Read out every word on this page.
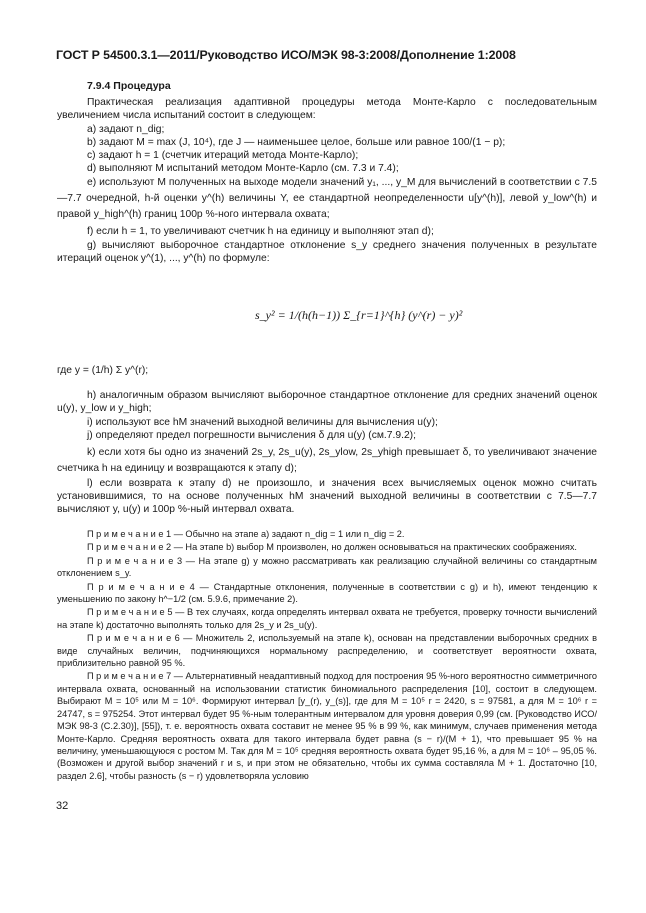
ГОСТ Р 54500.3.1—2011/Руководство ИСО/МЭК 98-3:2008/Дополнение 1:2008
7.9.4 Процедура

Практическая реализация адаптивной процедуры метода Монте-Карло с последовательным увеличением числа испытаний состоит в следующем:

a) задают n_dig;

b) задают M = max (J, 10⁴), где J — наименьшее целое, больше или равное 100/(1 − p);

c) задают h = 1 (счетчик итераций метода Монте-Карло);

d) выполняют M испытаний методом Монте-Карло (см. 7.3 и 7.4);

e) используют M полученных на выходе модели значений y₁, ..., y_M для вычислений в соответствии с 7.5—7.7 очередной, h-й оценки y^(h) величины Y, ее стандартной неопределенности u[y^(h)], левой y_low^(h) и правой y_high^(h) границ 100p %-ного интервала охвата;

f) если h = 1, то увеличивают счетчик h на единицу и выполняют этап d);

g) вычисляют выборочное стандартное отклонение s_y среднего значения полученных в результате итераций оценок y^(1), ..., y^(h) по формуле:

s_y² = 1/(h(h−1)) Σ_{r=1}^{h} (y^(r) − y)²

где y = (1/h) Σ y^(r);

h) аналогичным образом вычисляют выборочное стандартное отклонение для средних значений оценок u(y), y_low и y_high;

i) используют все hM значений выходной величины для вычисления u(y);

j) определяют предел погрешности вычисления δ для u(y) (см.7.9.2);

k) если хотя бы одно из значений 2s_y, 2s_u(y), 2s_ylow, 2s_yhigh превышает δ, то увеличивают значение счетчика h на единицу и возвращаются к этапу d);

l) если возврата к этапу d) не произошло, и значения всех вычисляемых оценок можно считать установившимися, то на основе полученных hM значений выходной величины в соответствии с 7.5—7.7 вычисляют y, u(y) и 100p %-ный интервал охвата.

П р и м е ч а н и е 1 — Обычно на этапе a) задают n_dig = 1 или n_dig = 2.

П р и м е ч а н и е 2 — На этапе b) выбор M произволен, но должен основываться на практических соображениях.

П р и м е ч а н и е 3 — На этапе g) y можно рассматривать как реализацию случайной величины со стандартным отклонением s_y.

П р и м е ч а н и е 4 — Стандартные отклонения, полученные в соответствии с g) и h), имеют тенденцию к уменьшению по закону h^−1/2 (см. 5.9.6, примечание 2).

П р и м е ч а н и е 5 — В тех случаях, когда определять интервал охвата не требуется, проверку точности вычислений на этапе k) достаточно выполнять только для 2s_y и 2s_u(y).

П р и м е ч а н и е 6 — Множитель 2, используемый на этапе k), основан на представлении выборочных средних в виде случайных величин, подчиняющихся нормальному распределению, и соответствует вероятности охвата, приблизительно равной 95 %.

П р и м е ч а н и е 7 — Альтернативный неадаптивный подход для построения 95 %-ного вероятностно симметричного интервала охвата, основанный на использовании статистик биномиального распределения [10], состоит в следующем. Выбирают M = 10⁵ или M = 10⁶. Формируют интервал [y_(r), y_(s)], где для M = 10⁵ r = 2420, s = 97581, а для M = 10⁶ r = 24747, s = 975254. Этот интервал будет 95 %-ным толерантным интервалом для уровня доверия 0,99 (см. [Руководство ИСО/МЭК 98-3 (С.2.30)], [55]), т. е. вероятность охвата составит не менее 95 % в 99 %, как минимум, случаев применения метода Монте-Карло. Средняя вероятность охвата для такого интервала будет равна (s − r)/(M + 1), что превышает 95 % на величину, уменьшающуюся с ростом M. Так для M = 10⁵ средняя вероятность охвата будет 95,16 %, а для M = 10⁶ – 95,05 %. (Возможен и другой выбор значений r и s, и при этом не обязательно, чтобы их сумма составляла M + 1. Достаточно [10, раздел 2.6], чтобы разность (s − r) удовлетворяла условию

32
